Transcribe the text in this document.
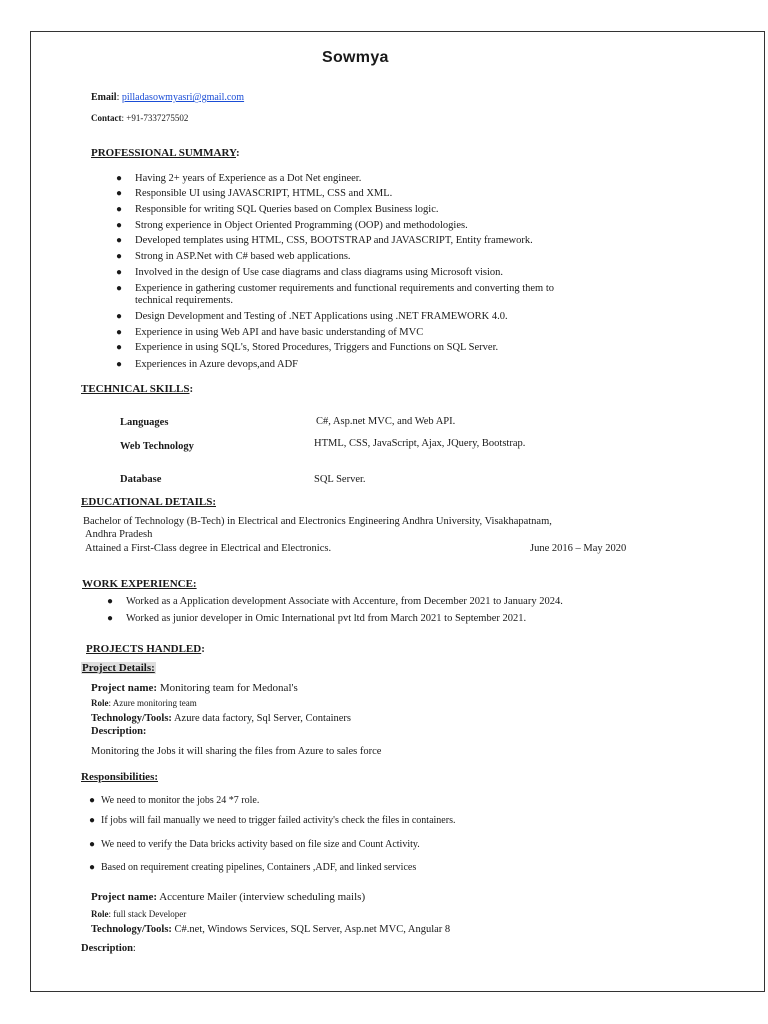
Sowmya
Email: pilladasowmyasri@gmail.com
Contact: +91-7337275502
PROFESSIONAL SUMMARY:
● Having 2+ years of Experience as a Dot Net engineer.
● Responsible UI using JAVASCRIPT, HTML, CSS and XML.
● Responsible for writing SQL Queries based on Complex Business logic.
● Strong experience in Object Oriented Programming (OOP) and methodologies.
● Developed templates using HTML, CSS, BOOTSTRAP and JAVASCRIPT, Entity framework.
● Strong in ASP.Net with C# based web applications.
● Involved in the design of Use case diagrams and class diagrams using Microsoft vision.
● Experience in gathering customer requirements and functional requirements and converting them to
technical requirements.
● Design Development and Testing of .NET Applications using .NET FRAMEWORK 4.0.
● Experience in using Web API and have basic understanding of MVC
● Experience in using SQL's, Stored Procedures, Triggers and Functions on SQL Server.
● Experiences in Azure devops,and ADF
TECHNICAL SKILLS:
Languages	C#, Asp.net MVC, and Web API.
Web Technology	HTML, CSS, JavaScript, Ajax, JQuery, Bootstrap.
Database	SQL Server.
EDUCATIONAL DETAILS:
Bachelor of Technology (B-Tech) in Electrical and Electronics Engineering Andhra University, Visakhapatnam,
Andhra Pradesh
Attained a First-Class degree in Electrical and Electronics.	June 2016 – May 2020
WORK EXPERIENCE:
● Worked as a Application development Associate with Accenture, from December 2021 to January 2024.
● Worked as junior developer in Omic International pvt ltd from March 2021 to September 2021.
PROJECTS HANDLED:
Project Details:
Project name: Monitoring team for Medonal's
Role: Azure monitoring team
Technology/Tools: Azure data factory, Sql Server, Containers
Description:
Monitoring the Jobs it will sharing the files from Azure to sales force
Responsibilities:
● We need to monitor the jobs 24 *7 role.
● If jobs will fail manually we need to trigger failed activity's check the files in containers.
● We need to verify the Data bricks activity based on file size and Count Activity.
● Based on requirement creating pipelines, Containers ,ADF, and linked services
Project name: Accenture Mailer (interview scheduling mails)
Role: full stack Developer
Technology/Tools: C#.net, Windows Services, SQL Server, Asp.net MVC, Angular 8
Description:
